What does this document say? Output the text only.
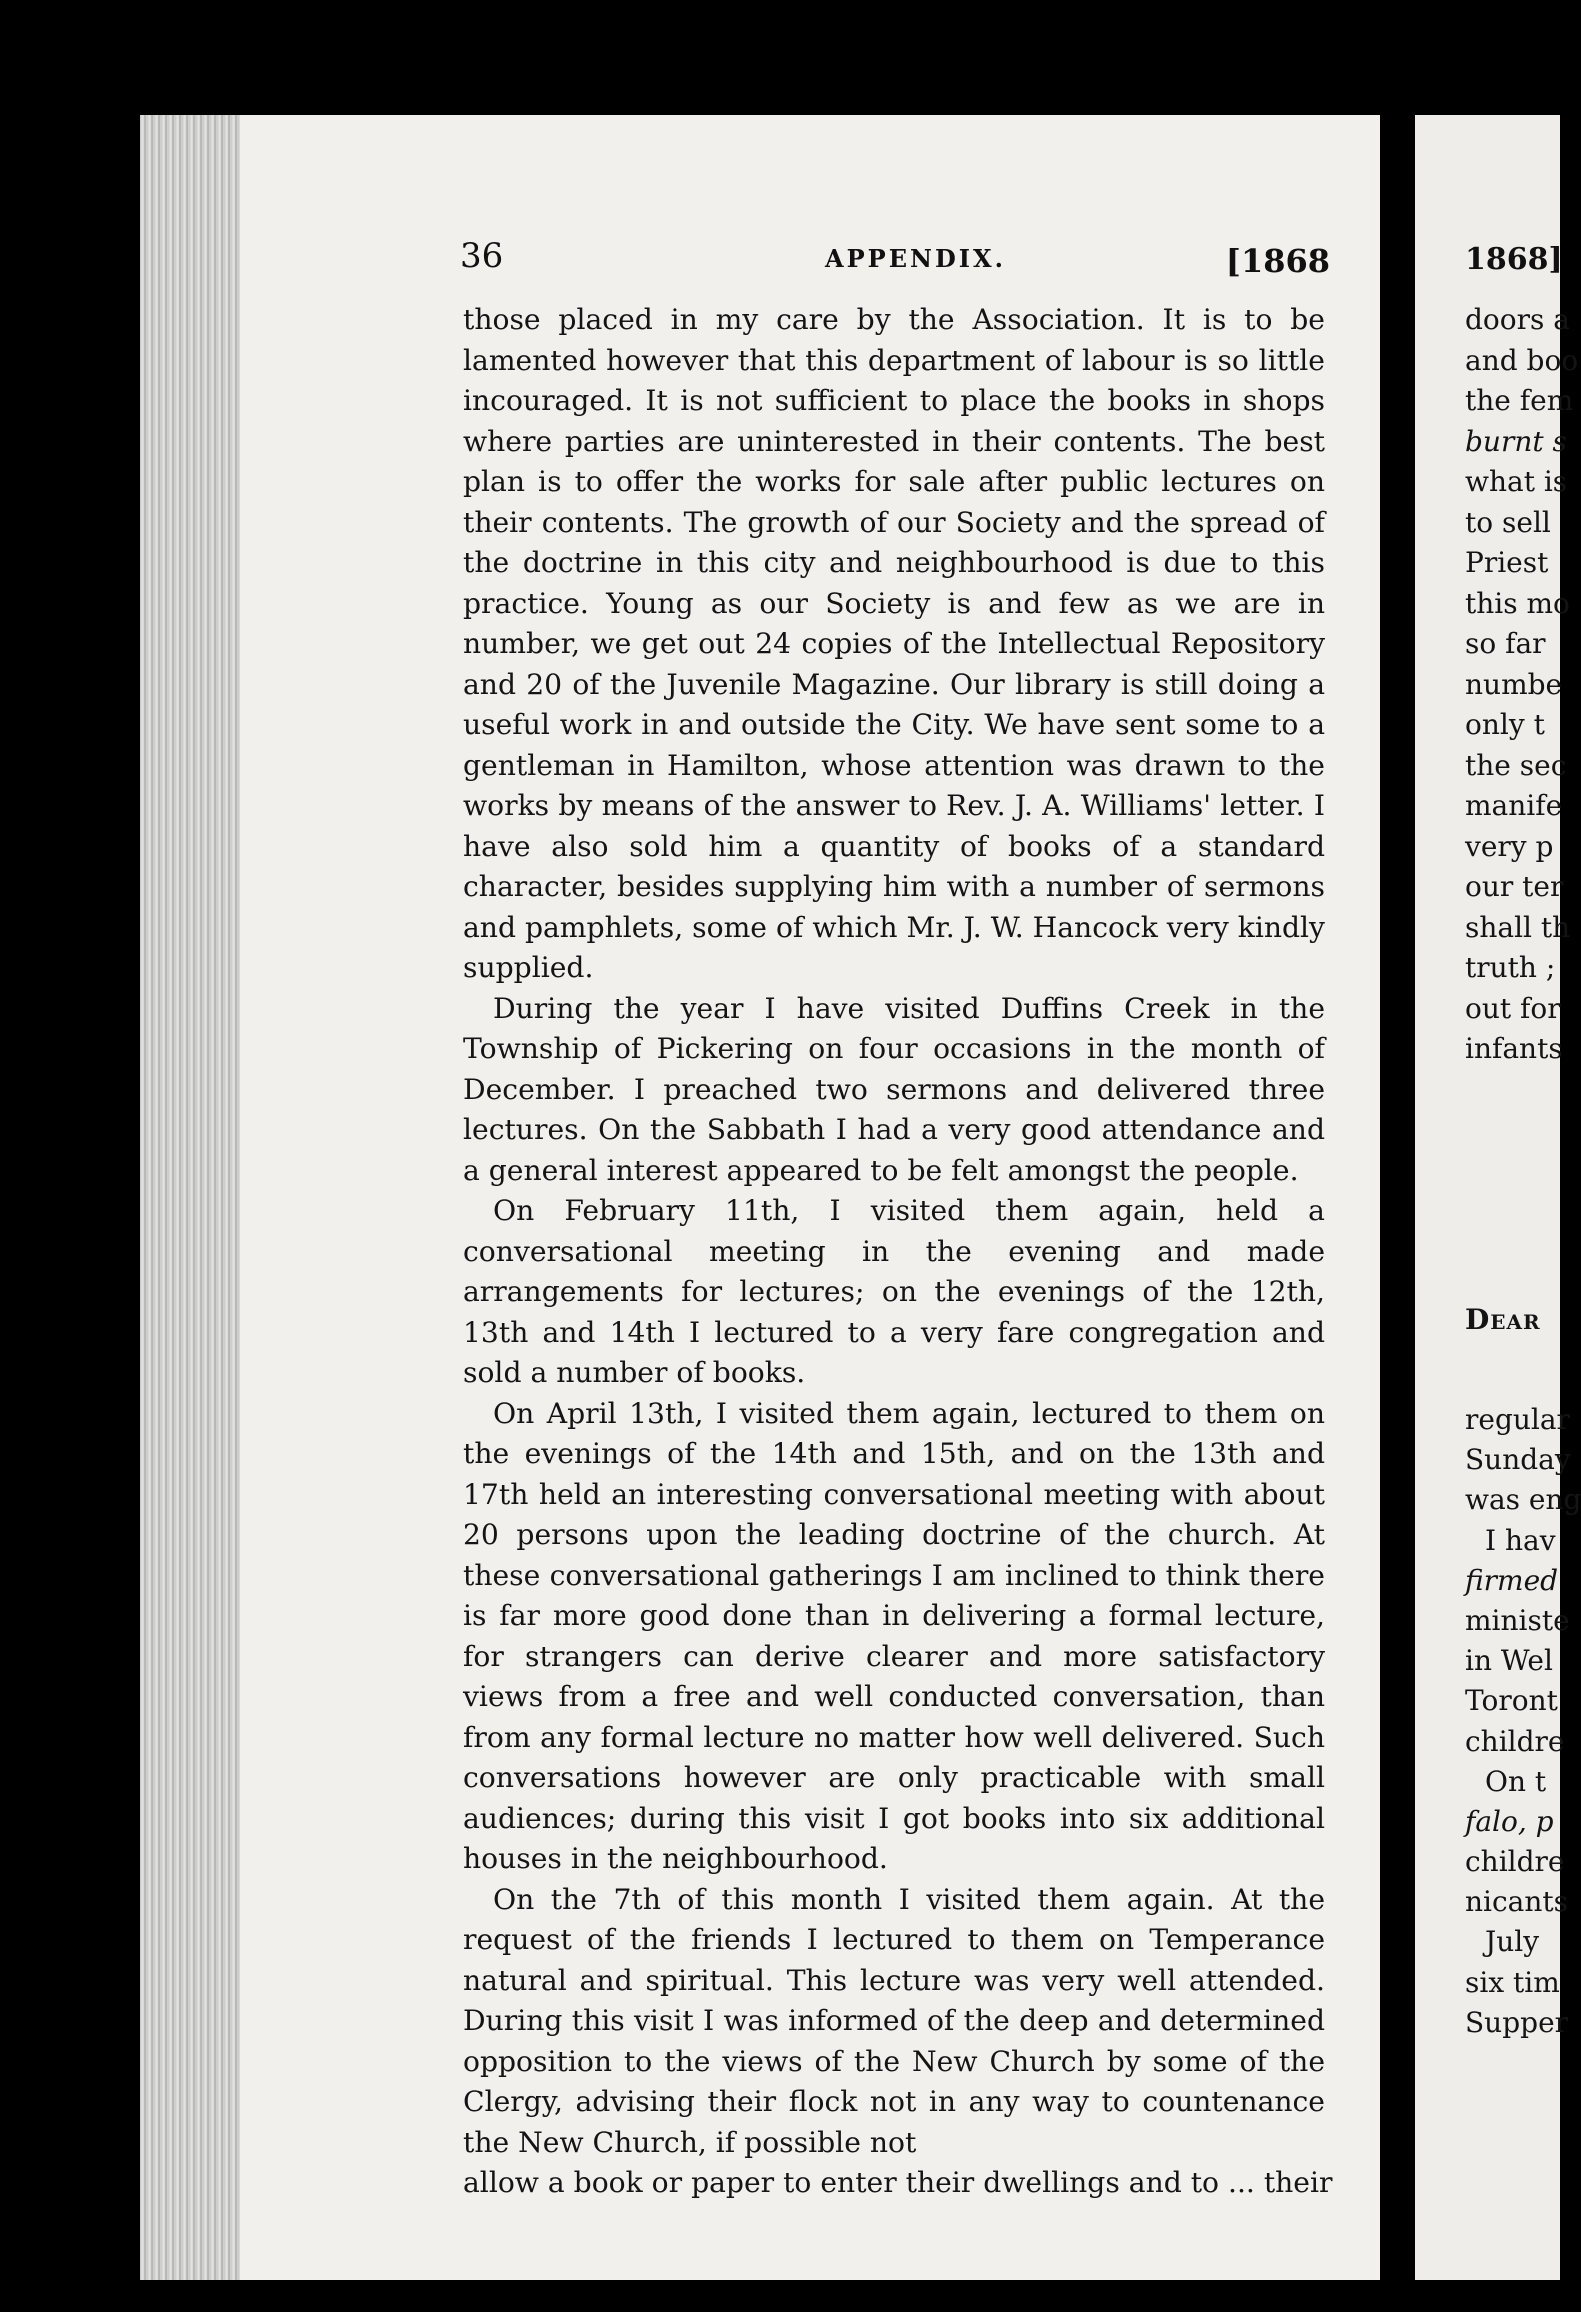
36	APPENDIX.	[1868

those placed in my care by the Association. It is to be lamented however that this department of labour is so little incouraged. It is not sufficient to place the books in shops where parties are uninterested in their contents. The best plan is to offer the works for sale after public lectures on their contents. The growth of our Society and the spread of the doctrine in this city and neighbourhood is due to this practice. Young as our Society is and few as we are in number, we get out 24 copies of the Intellectual Repository and 20 of the Juvenile Magazine. Our library is still doing a useful work in and outside the City. We have sent some to a gentleman in Hamilton, whose attention was drawn to the works by means of the answer to Rev. J. A. Williams' letter. I have also sold him a quantity of books of a standard character, besides supplying him with a number of sermons and pamphlets, some of which Mr. J. W. Hancock very kindly supplied.

During the year I have visited Duffins Creek in the Township of Pickering on four occasions in the month of December. I preached two sermons and delivered three lectures. On the Sabbath I had a very good attendance and a general interest appeared to be felt amongst the people.

On February 11th, I visited them again, held a conversational meeting in the evening and made arrangements for lectures; on the evenings of the 12th, 13th and 14th I lectured to a very fare congregation and sold a number of books.

On April 13th, I visited them again, lectured to them on the evenings of the 14th and 15th, and on the 13th and 17th held an interesting conversational meeting with about 20 persons upon the leading doctrine of the church. At these conversational gatherings I am inclined to think there is far more good done than in delivering a formal lecture, for strangers can derive clearer and more satisfactory views from a free and well conducted conversation, than from any formal lecture no matter how well delivered. Such conversations however are only practicable with small audiences; during this visit I got books into six additional houses in the neighbourhood.

On the 7th of this month I visited them again. At the request of the friends I lectured to them on Temperance natural and spiritual. This lecture was very well attended. During this visit I was informed of the deep and determined opposition to the views of the New Church by some of the Clergy, advising their flock not in any way to countenance the New Church, if possible not

allow a book or paper to enter their dwellings and to ... their

1868]
doors a
and boo
the fem
burnt s
what is
to sell
Priest
this mo
so far
numbe
only t
the sec
manife
very p
our ter
shall th
truth ;
out for
infants
Dear
regular
Sunday
was eng
I hav
firmed
ministe
in Wel
Toront
childre
On t
falo, p
childre
nicants
July
six tim
Supper
